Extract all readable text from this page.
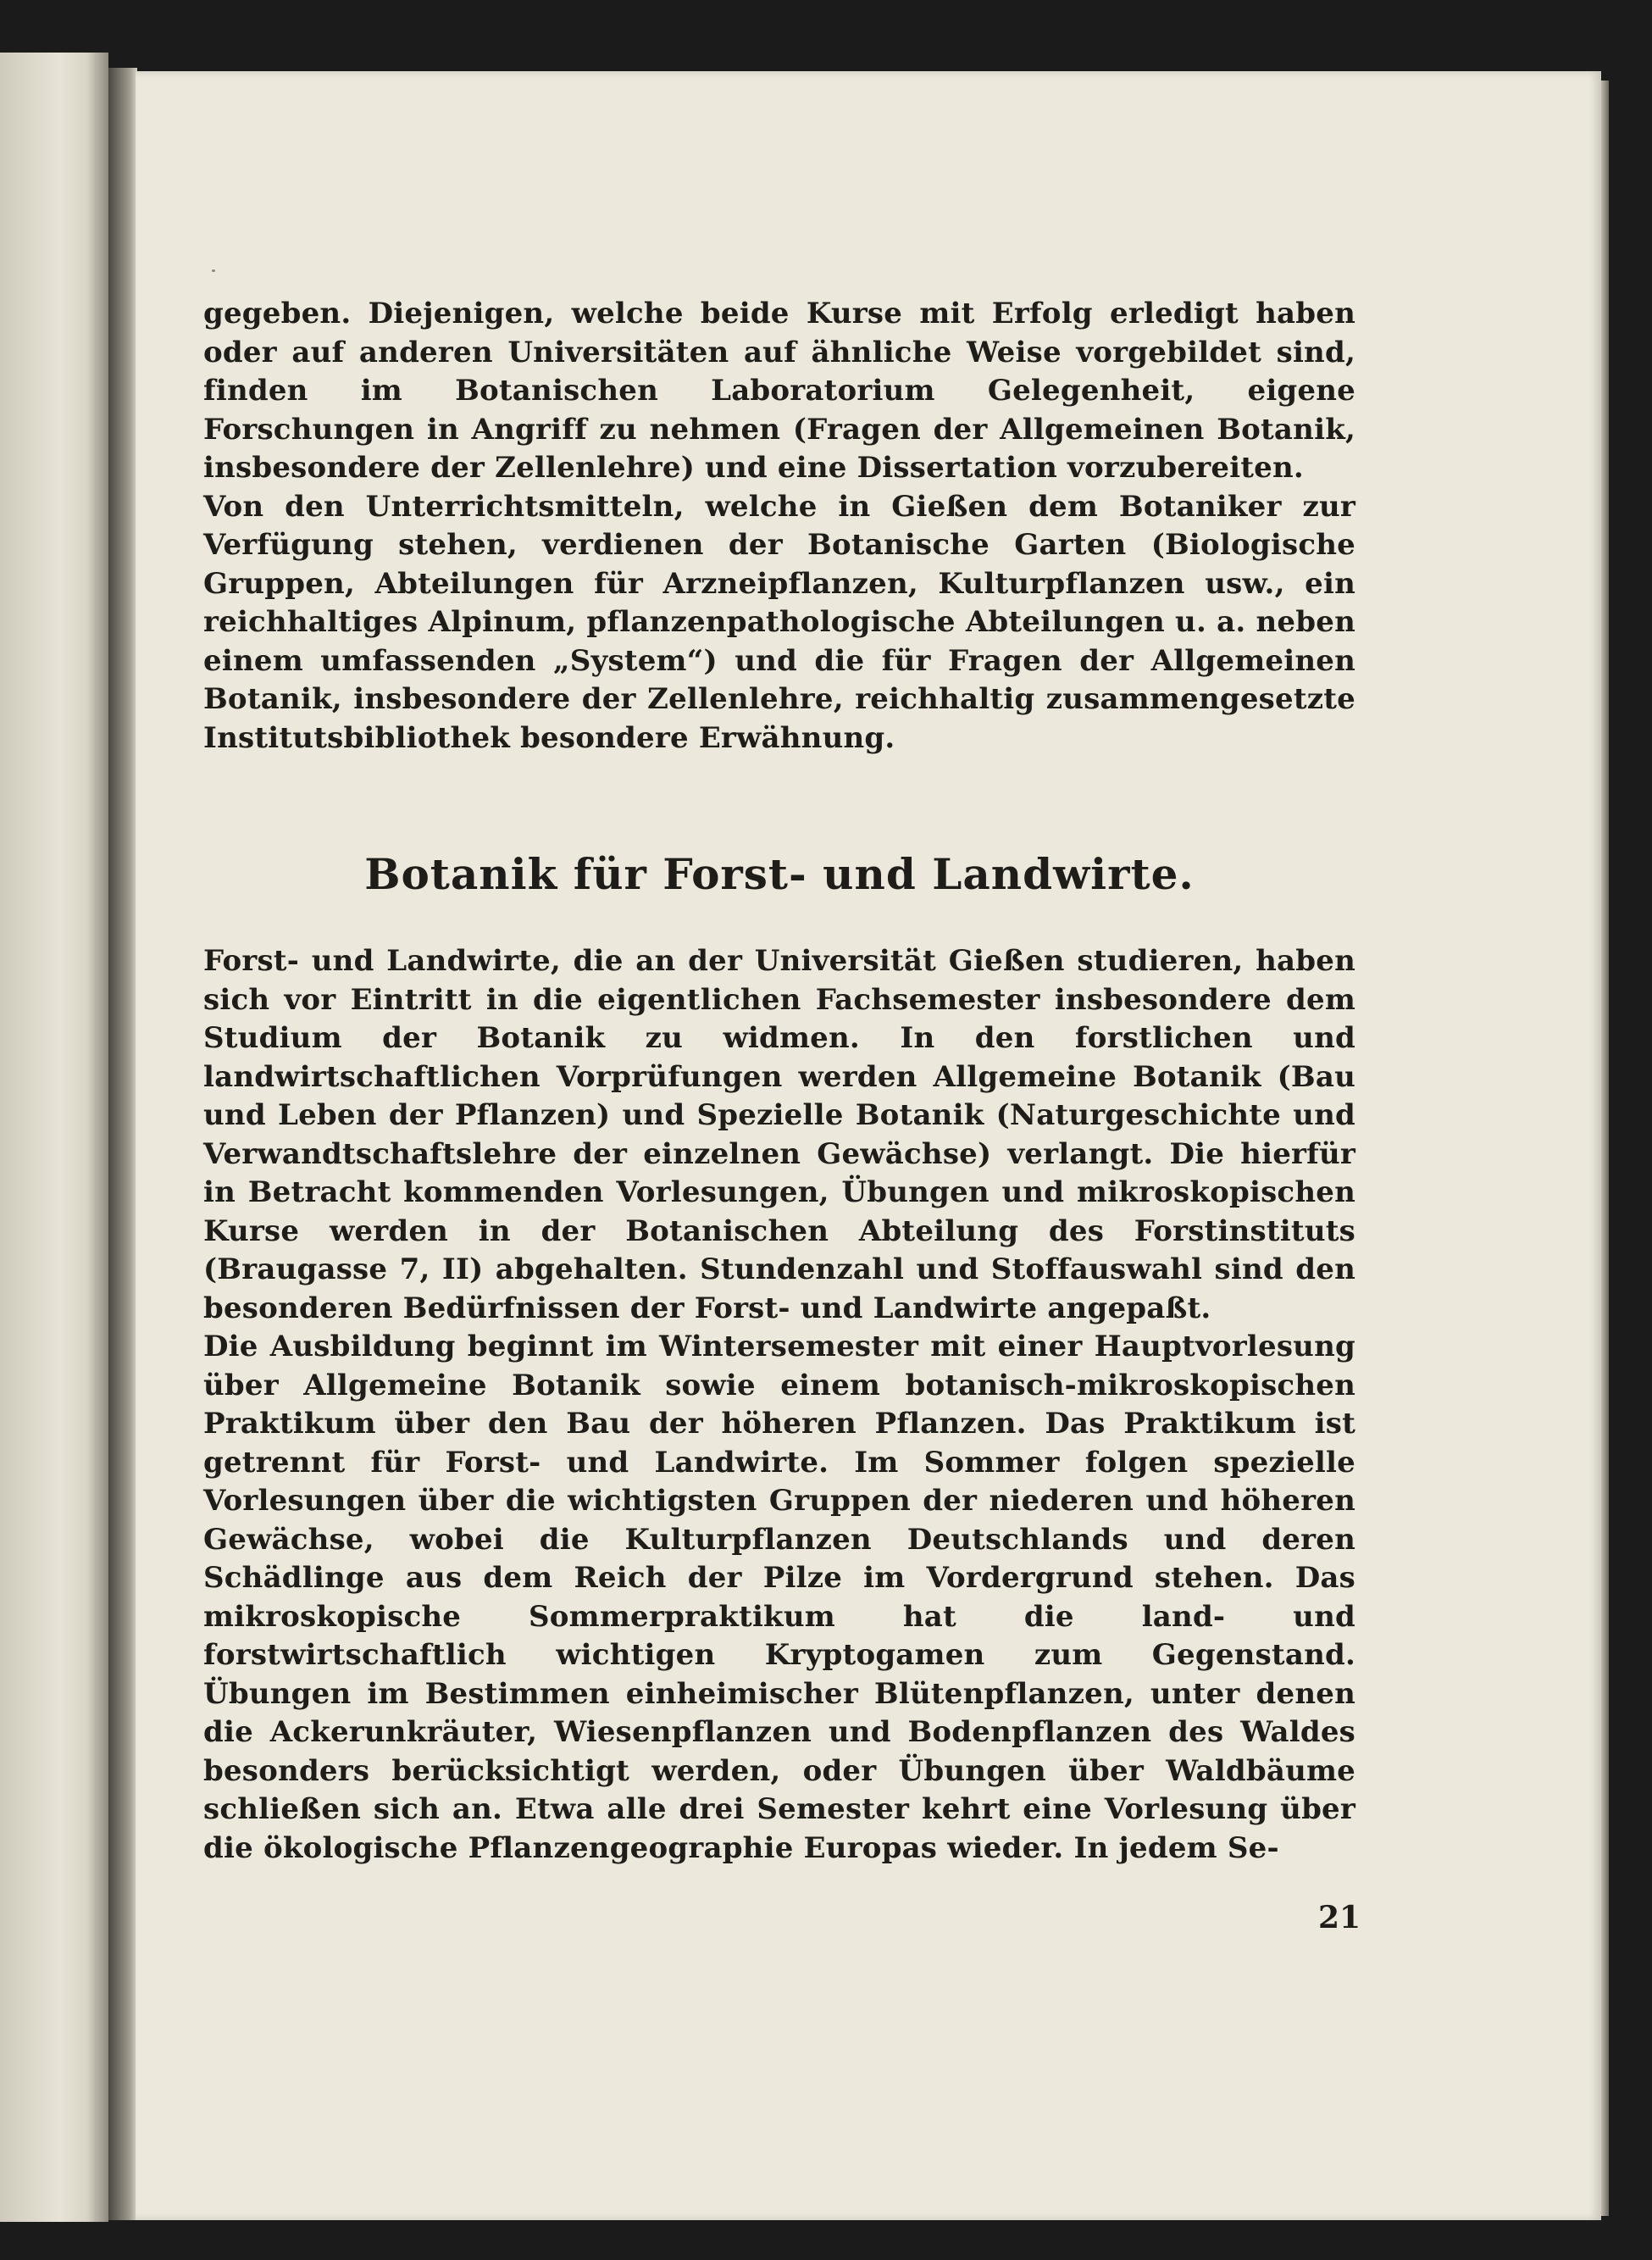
gegeben. Diejenigen, welche beide Kurse mit Erfolg erledigt haben oder auf anderen Universitäten auf ähnliche Weise vorgebildet sind, finden im Botanischen Laboratorium Gelegenheit, eigene Forschungen in Angriff zu nehmen (Fragen der Allgemeinen Botanik, insbesondere der Zellenlehre) und eine Dissertation vorzubereiten.

Von den Unterrichtsmitteln, welche in Gießen dem Botaniker zur Verfügung stehen, verdienen der Botanische Garten (Biologische Gruppen, Abteilungen für Arzneipflanzen, Kulturpflanzen usw., ein reichhaltiges Alpinum, pflanzenpathologische Abteilungen u. a. neben einem umfassenden „System“) und die für Fragen der Allgemeinen Botanik, insbesondere der Zellenlehre, reichhaltig zusammengesetzte Institutsbibliothek besondere Erwähnung.

Botanik für Forst- und Landwirte.

Forst- und Landwirte, die an der Universität Gießen studieren, haben sich vor Eintritt in die eigentlichen Fachsemester insbesondere dem Studium der Botanik zu widmen. In den forstlichen und landwirtschaftlichen Vorprüfungen werden Allgemeine Botanik (Bau und Leben der Pflanzen) und Spezielle Botanik (Naturgeschichte und Verwandtschaftslehre der einzelnen Gewächse) verlangt. Die hierfür in Betracht kommenden Vorlesungen, Übungen und mikroskopischen Kurse werden in der Botanischen Abteilung des Forstinstituts (Braugasse 7, II) abgehalten. Stundenzahl und Stoffauswahl sind den besonderen Bedürfnissen der Forst- und Landwirte angepaßt.

Die Ausbildung beginnt im Wintersemester mit einer Hauptvorlesung über Allgemeine Botanik sowie einem botanisch-mikroskopischen Praktikum über den Bau der höheren Pflanzen. Das Praktikum ist getrennt für Forst- und Landwirte. Im Sommer folgen spezielle Vorlesungen über die wichtigsten Gruppen der niederen und höheren Gewächse, wobei die Kulturpflanzen Deutschlands und deren Schädlinge aus dem Reich der Pilze im Vordergrund stehen. Das mikroskopische Sommerpraktikum hat die land- und forstwirtschaftlich wichtigen Kryptogamen zum Gegenstand. Übungen im Bestimmen einheimischer Blütenpflanzen, unter denen die Ackerunkräuter, Wiesenpflanzen und Bodenpflanzen des Waldes besonders berücksichtigt werden, oder Übungen über Waldbäume schließen sich an. Etwa alle drei Semester kehrt eine Vorlesung über die ökologische Pflanzengeographie Europas wieder. In jedem Se-

21
